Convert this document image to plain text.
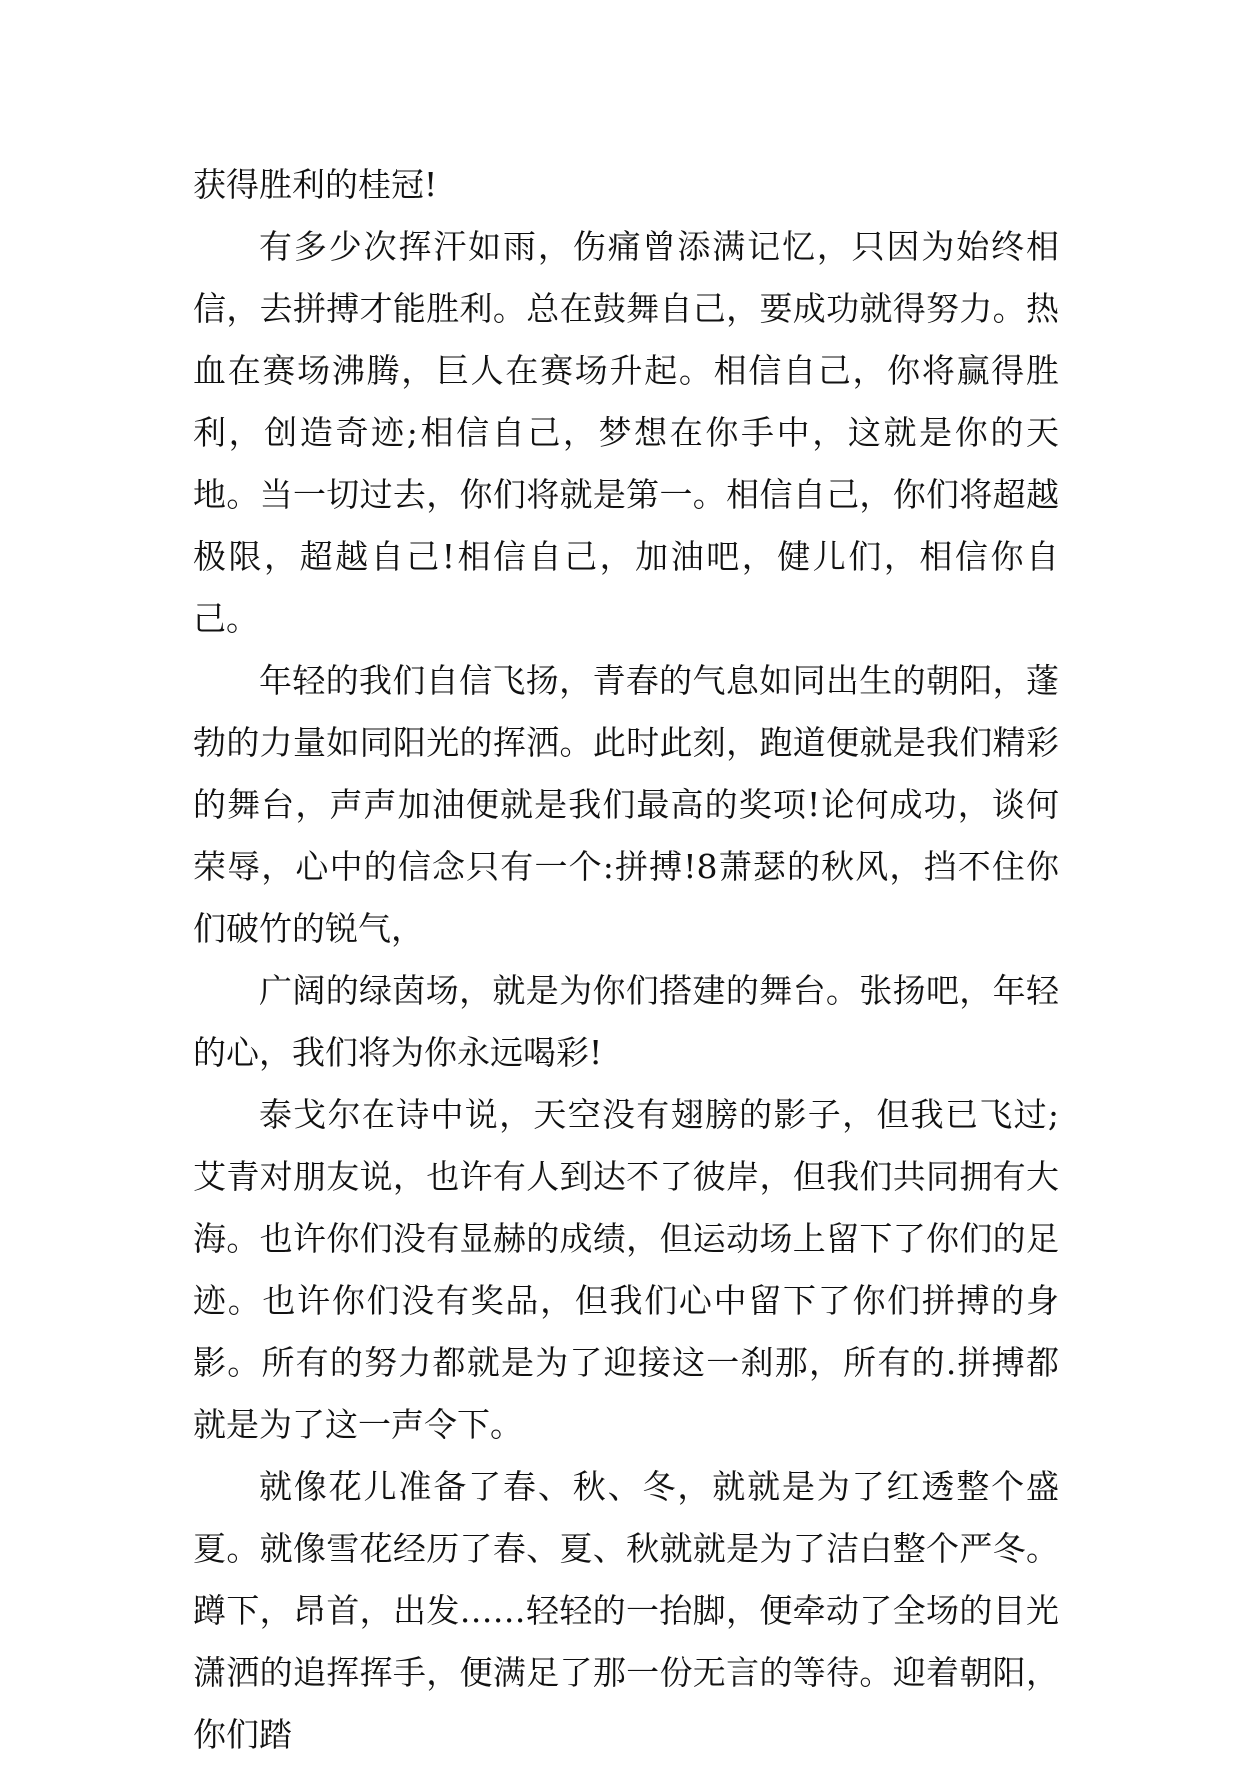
获得胜利的桂冠!

有多少次挥汗如雨，伤痛曾添满记忆，只因为始终相信，去拼搏才能胜利。总在鼓舞自己，要成功就得努力。热血在赛场沸腾，巨人在赛场升起。相信自己，你将赢得胜利，创造奇迹;相信自己，梦想在你手中，这就是你的天地。当一切过去，你们将就是第一。相信自己，你们将超越极限，超越自己!相信自己，加油吧，健儿们，相信你自己。

年轻的我们自信飞扬，青春的气息如同出生的朝阳，蓬勃的力量如同阳光的挥洒。此时此刻，跑道便就是我们精彩的舞台，声声加油便就是我们最高的奖项!论何成功，谈何荣辱，心中的信念只有一个:拼搏!8萧瑟的秋风，挡不住你们破竹的锐气，

广阔的绿茵场，就是为你们搭建的舞台。张扬吧，年轻的心，我们将为你永远喝彩!

泰戈尔在诗中说，天空没有翅膀的影子，但我已飞过;艾青对朋友说，也许有人到达不了彼岸，但我们共同拥有大海。也许你们没有显赫的成绩，但运动场上留下了你们的足迹。也许你们没有奖品，但我们心中留下了你们拼搏的身影。所有的努力都就是为了迎接这一刹那，所有的.拼搏都就是为了这一声令下。

就像花儿准备了春、秋、冬，就就是为了红透整个盛夏。就像雪花经历了春、夏、秋就就是为了洁白整个严冬。蹲下，昂首，出发……轻轻的一抬脚，便牵动了全场的目光潇洒的追挥挥手，便满足了那一份无言的等待。迎着朝阳，你们踏
